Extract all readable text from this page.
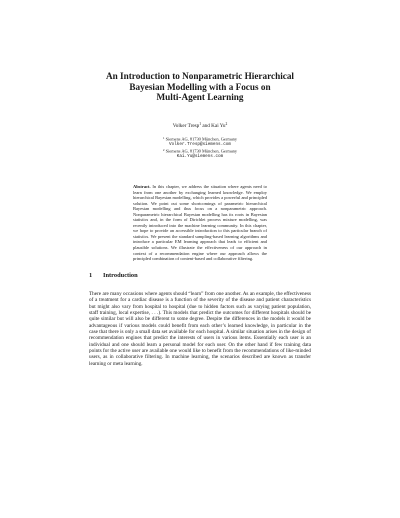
An Introduction to Nonparametric Hierarchical
Bayesian Modelling with a Focus on
Multi-Agent Learning
Volker Tresp$^1$ and Kai Yu$^2$
$^1$ Siemens AG, 81730 München, Germany
Volker.Tresp@siemens.com
$^2$ Siemens AG, 81730 München, Germany
Kai.Yu@siemens.com
Abstract. In this chapter, we address the situation where agents need to learn from one another by exchanging learned knowledge. We employ hierarchical Bayesian modelling, which provides a powerful and principled solution. We point out some shortcomings of parametric hierarchical Bayesian modelling and thus focus on a nonparametric approach. Nonparametric hierarchical Bayesian modelling has its roots in Bayesian statistics and, in the form of Dirichlet process mixture modelling, was recently introduced into the machine learning community. In this chapter, we hope to provide an accessible introduction to this particular branch of statistics. We present the standard sampling-based learning algorithms and introduce a particular EM learning approach that leads to efficient and plausible solutions. We illustrate the effectiveness of our approach in context of a recommendation engine where our approach allows the principled combination of content-based and collaborative filtering.
1 Introduction
There are many occasions where agents should “learn” from one another. As an example, the effectiveness of a treatment for a cardiac disease is a function of the severity of the disease and patient characteristics but might also vary from hospital to hospital (due to hidden factors such as varying patient population, staff training, local expertise, . . .). This models that predict the outcomes for different hospitals should be quite similar but will also be different to some degree. Despite the differences in the models it would be advantageous if various models could benefit from each other’s learned knowledge, in particular in the case that there is only a small data set available for each hospital. A similar situation arises in the design of recommendation engines that predict the interests of users in various items. Essentially each user is an individual and one should learn a personal model for each user. On the other hand if few training data points for the active user are available one would like to benefit from the recommendations of like-minded users, as in collaborative filtering. In machine learning, the scenarios described are known as transfer learning or meta learning.
